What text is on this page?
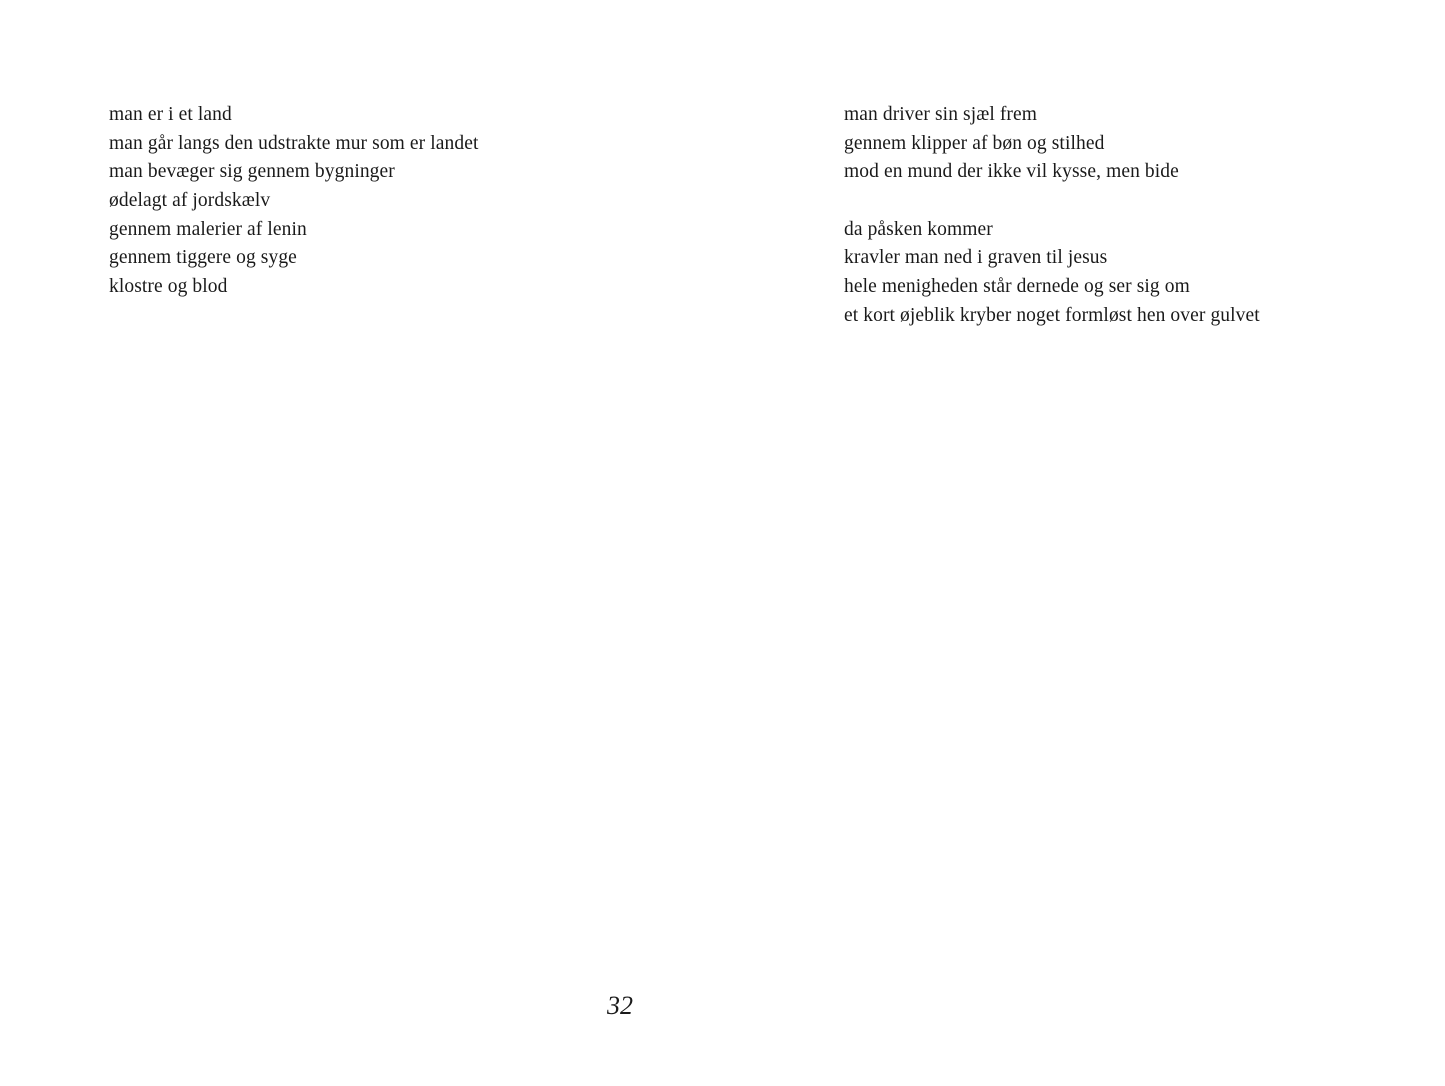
man er i et land
man går langs den udstrakte mur som er landet
man bevæger sig gennem bygninger
ødelagt af jordskælv
gennem malerier af lenin
gennem tiggere og syge
klostre og blod
man driver sin sjæl frem
gennem klipper af bøn og stilhed
mod en mund der ikke vil kysse, men bide
da påsken kommer
kravler man ned i graven til jesus
hele menigheden står dernede og ser sig om
et kort øjeblik kryber noget formløst hen over gulvet
32
